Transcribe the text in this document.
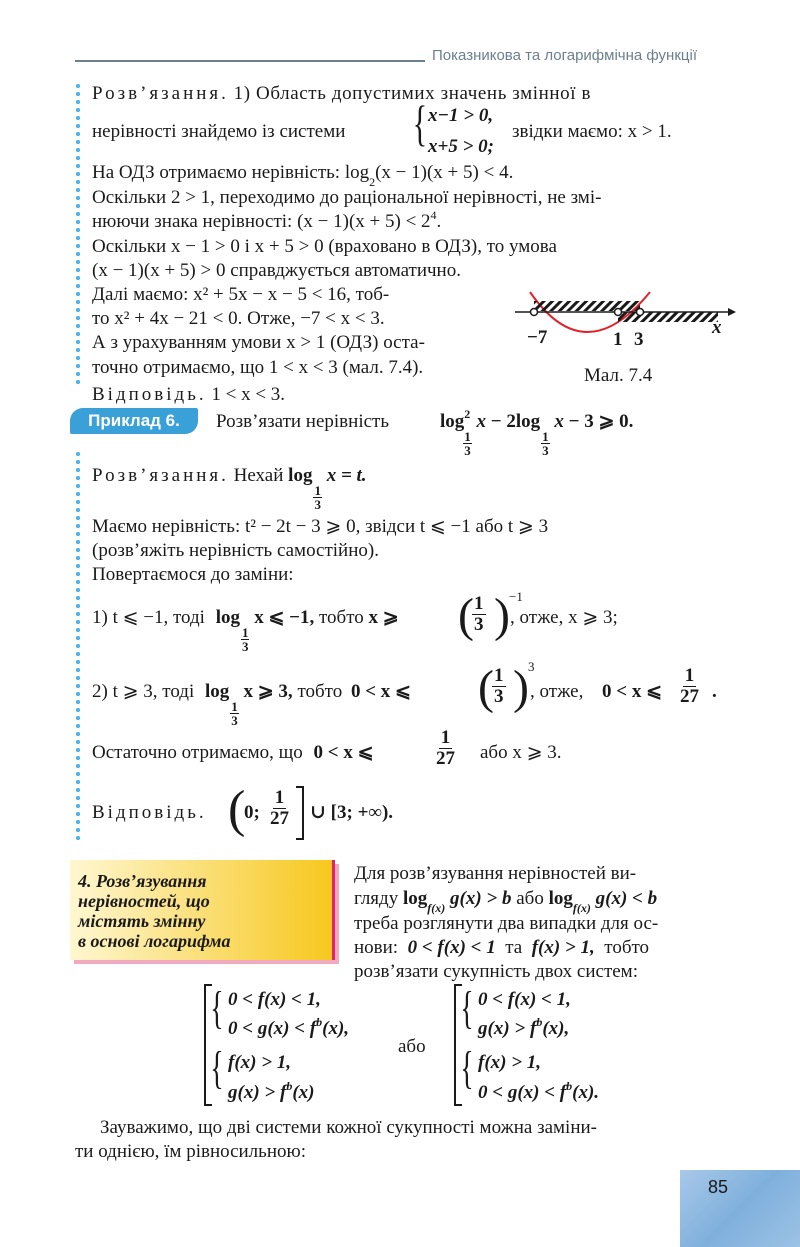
Показникова та логарифмічна функції
Розв’язання. 1) Область допустимих значень змінної в
нерівності знайдемо із системи { x−1 > 0,
x+5 > 0;
звідки маємо: x > 1.
На ОДЗ отримаємо нерівність: $\log_2(x - 1)(x + 5) < 4$.
Оскільки 2 > 1, переходимо до раціональної нерівності, не змі-
нюючи знака нерівності: $(x - 1)(x + 5) < 2^4$.
Оскільки x − 1 > 0 і x + 5 > 0 (враховано в ОДЗ), то умова
(x − 1)(x + 5) > 0 справджується автоматично.
Далі маємо: x² + 5x − x − 5 < 16, тоб-
то x² + 4x − 21 < 0. Отже, −7 < x < 3.
А з урахуванням умови x > 1 (ОДЗ) оста-
точно отримаємо, що 1 < x < 3 (мал. 7.4).
Відповідь. 1 < x < 3.
−7	1 3
x
Мал. 7.4
Приклад 6.	Розв’язати нерівність	$\log^2$
$\frac{1}{3}$
x − 2log
$\frac{1}{3}$
x − 3 ⩾ 0.
Розв’язання. Нехай log
$\frac{1}{3}$
x = t.
Маємо нерівність: t² − 2t − 3 ⩾ 0, звідси t ⩽ −1 або t ⩾ 3
(розв’яжіть нерівність самостійно).
Повертаємося до заміни:
1) t ⩽ −1, тоді log
$\frac{1}{3}$
x ⩽ −1, тобто x ⩾ (
$\frac{1}{3}$ ) −1
, отже, x ⩾ 3;
2) t ⩾ 3, тоді log
$\frac{1}{3}$
x ⩾ 3, тобто 0 < x ⩽ (
$\frac{1}{3}$ ) 3
, отже, 0 < x ⩽ $\frac{1}{27}$ .
Остаточно отримаємо, що 0 < x ⩽	$\frac{1}{27}$ або x ⩾ 3.
Відповідь. (
0; $\frac{1}{27}$ ∪ [3; +∞).
4. Розв’язування
нерівностей, що
містять змінну
в основі логарифма
Для розв’язування нерівностей ви-
гляду $\log_{f(x)} g(x) > b$ або $\log_{f(x)} g(x) < b$
треба розглянути два випадки для ос-
нови: 0 < f(x) < 1 та f(x) > 1, тобто
розв’язати сукупність двох систем:
{
{
0 < f(x) < 1,
$0 < g(x) < f^b(x)$,
f(x) > 1,
$g(x) > f^b(x)$
або
{
{
0 < f(x) < 1,
$g(x) > f^b(x)$,
f(x) > 1,
$0 < g(x) < f^b(x)$.
Зауважимо, що дві системи кожної сукупності можна заміни-
ти однією, їм рівносильною:
85
